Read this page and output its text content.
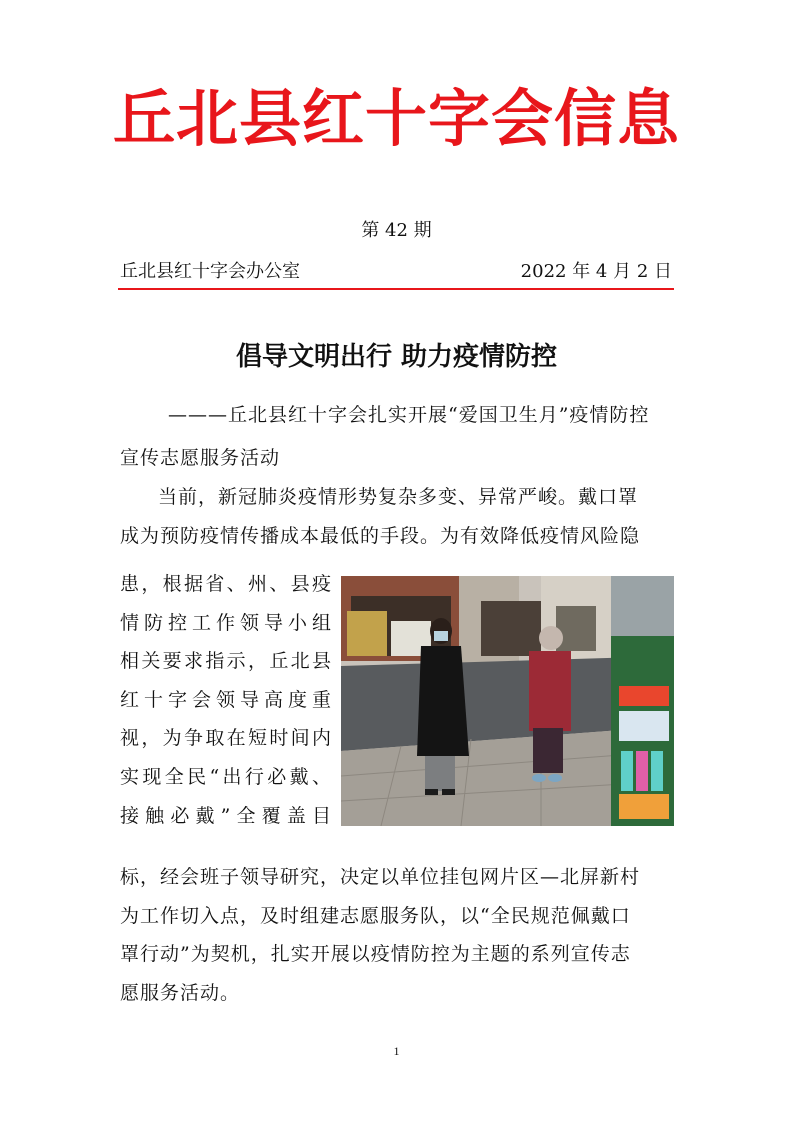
丘北县红十字会信息
第 42 期
丘北县红十字会办公室	2022 年 4 月 2 日
倡导文明出行 助力疫情防控
———丘北县红十字会扎实开展“爱国卫生月”疫情防控
宣传志愿服务活动
当前，新冠肺炎疫情形势复杂多变、异常严峻。戴口罩
成为预防疫情传播成本最低的手段。为有效降低疫情风险隐
患，根据省、州、县疫
情防控工作领导小组
相关要求指示，丘北县
红十字会领导高度重
视，为争取在短时间内
实现全民“出行必戴、
接触必戴”全覆盖目
标，经会班子领导研究，决定以单位挂包网片区—北屏新村
为工作切入点，及时组建志愿服务队，以“全民规范佩戴口
罩行动”为契机，扎实开展以疫情防控为主题的系列宣传志
愿服务活动。
1
